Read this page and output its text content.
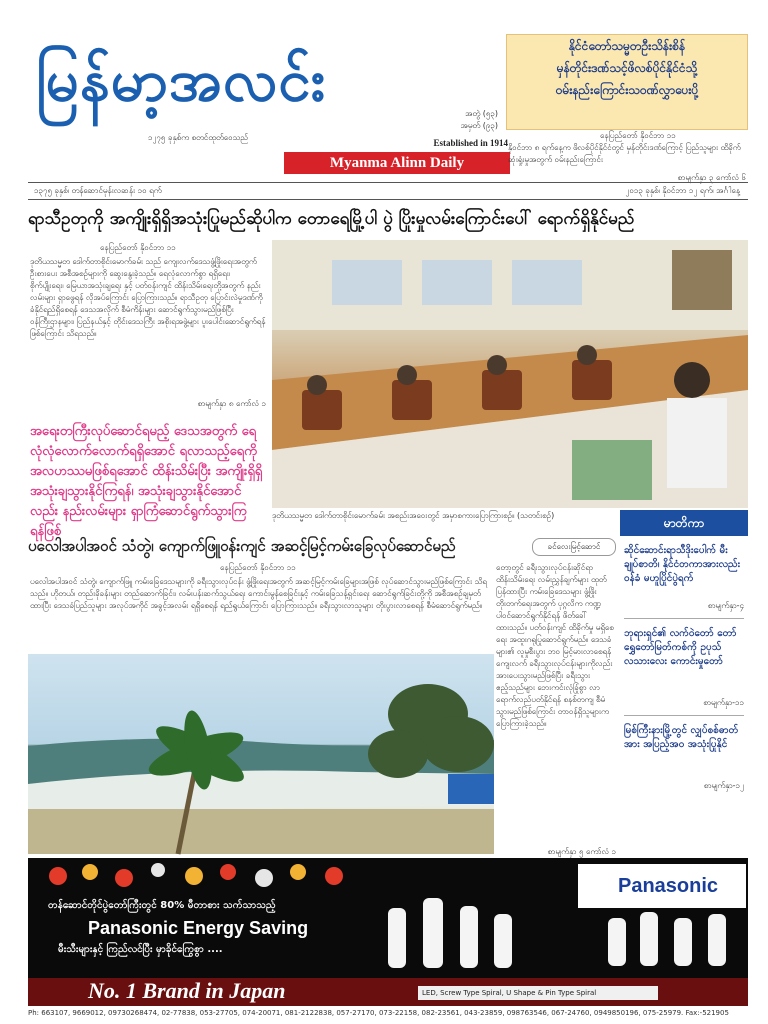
မြန်မာ့အလင်း
၁၂၇၅ ခုနှစ်က စတင်ထုတ်ဝေသည်
အတွဲ (၅၃)
အမှတ် (၉၃)
Established in 1914
Myanma Alinn Daily
နိုင်ငံတော်သမ္မတဦးသိန်းစိန်
မှန်တိုင်းဒဏ်သင့်ဖိလစ်ပိုင်နိုင်ငံသို့
ဝမ်းနည်းကြောင်းသဝဏ်လွှာပေးပို့
နေပြည်တော် နိုဝင်ဘာ ၁၁
နိုဝင်ဘာ ၈ ရက်နေ့က ဖိလစ်ပိုင်နိုင်ငံတွင် မှန်တိုင်းဒဏ်ကြောင့် ပြည်သူများ ထိခိုက်ဆုံးရှုံးမှုအတွက် ဝမ်းနည်းကြောင်း
စာမျက်နှာ ၃ ကော်လံ ၆
၁၃၇၅ ခုနှစ်၊ တန်ဆောင်မုန်းလဆန်း ၁၀ ရက်	၂၀၁၃ ခုနှစ်၊ နိုဝင်ဘာ ၁၂ ရက်၊ အင်္ဂါနေ့
ရာသီဥတုကို အကျိုးရှိရှိအသုံးပြုမည်ဆိုပါက တောရေမြို့ပါ ပွဲ ပြိုးမှုလမ်းကြောင်းပေါ် ရောက်ရှိနိုင်မည်
နေပြည်တော် နိုဝင်ဘာ ၁၁
ဒုတိယသမ္မတ ဒေါက်တာစိုင်းမောက်ခမ်း သည် ကျေးလက်ဒေသဖွံ့ဖြိုးရေးအတွက် ဦးစားပေး အစီအစဉ်များကို ဆွေးနွေးခဲ့သည်။ ရေလုံလောက်စွာ ရရှိရေး၊ စိုက်ပျိုးရေး၊ မြေယာအသုံးချရေး နှင့် ပတ်ဝန်းကျင် ထိန်းသိမ်းရေးတို့အတွက် နည်းလမ်းများ ရှာဖွေရန် လိုအပ်ကြောင်း ပြောကြားသည်။ ရာသီဥတု ပြောင်းလဲမှုဒဏ်ကို ခံနိုင်ရည်ရှိစေရန် ဒေသအလိုက် စီမံကိန်းများ ဆောင်ရွက်သွားမည်ဖြစ်ပြီး ဝန်ကြီးဌာနများ၊ ပြည်နယ်နှင့် တိုင်းဒေသကြီး အစိုးရအဖွဲ့များ ပူးပေါင်းဆောင်ရွက်ရန် ဖြစ်ကြောင်း သိရသည်။
စာမျက်နှာ ၈ ကော်လံ ၁
အရေးတကြီးလုပ်ဆောင်ရမည့် ဒေသအတွက် ရေ လုံလုံလောက်လောက်ရရှိအောင် ရလာသည့်ရေကို အလဟဿမဖြစ်ရအောင် ထိန်းသိမ်းပြီး အကျိုးရှိရှိ အသုံးချသွားနိုင်ကြရန်၊ အသုံးချသွားနိုင်အောင်လည်း နည်းလမ်းများ ရှာကြံဆောင်ရွက်သွားကြရန်ဖြစ်
ဒုတိယသမ္မတ ဒေါက်တာစိုင်းမောက်ခမ်း အစည်းအဝေးတွင် အမှာစကားပြောကြားစဉ်။ (သတင်းစဉ်)
ပလေါအပါအဝင် သံတွဲ၊ ကျောက်ဖြူဝန်းကျင် အဆင့်မြင့်ကမ်းခြေလုပ်ဆောင်မည်	ခင်လေးမြင့်ဆောင်
နေပြည်တော် နိုဝင်ဘာ ၁၁
ပလေါအပါအဝင် သံတွဲ၊ ကျောက်ဖြူ ကမ်းခြေဒေသများကို ခရီးသွားလုပ်ငန်း ဖွံ့ဖြိုးရေးအတွက် အဆင့်မြင့်ကမ်းခြေများအဖြစ် လုပ်ဆောင်သွားမည်ဖြစ်ကြောင်း သိရသည်။ ဟိုတယ်၊ တည်းခိုခန်းများ တည်ဆောက်ခြင်း၊ လမ်းပန်းဆက်သွယ်ရေး ကောင်းမွန်စေခြင်းနှင့် ကမ်းခြေသန့်ရှင်းရေး ဆောင်ရွက်ခြင်းတို့ကို အစီအစဉ်ချမှတ်ထားပြီး ဒေသခံပြည်သူများ အလုပ်အကိုင် အခွင့်အလမ်း ရရှိစေရန် ရည်ရွယ်ကြောင်း ပြောကြားသည်။ ခရီးသွားလာသူများ တိုးပွားလာစေရန် စီမံဆောင်ရွက်မည်။
တော့တွင် ခရီးသွားလုပ်ငန်းဆိုင်ရာ ထိန်းသိမ်းရေး လမ်းညွှန်ချက်များ ထုတ်ပြန်ထားပြီး ကမ်းခြေဒေသများ ဖွံ့ဖြိုးတိုးတက်ရေးအတွက် ပုဂ္ဂလိက ကဏ္ဍ ပါဝင်ဆောင်ရွက်နိုင်ရန် ဖိတ်ခေါ်ထားသည်။ ပတ်ဝန်းကျင် ထိခိုက်မှု မရှိစေရေး အထူးဂရုပြုဆောင်ရွက်မည်။ ဒေသခံများ၏ လူမှုစီးပွား ဘဝ မြင့်မားလာစေရန် ကျေးလက် ခရီးသွားလုပ်ငန်းများကိုလည်း အားပေးသွားမည်ဖြစ်ပြီး ခရီးသွားဧည့်သည်များ ဘေးကင်းလုံခြုံစွာ လာရောက်လည်ပတ်နိုင်ရန် စနစ်တကျ စီမံသွားမည်ဖြစ်ကြောင်း တာဝန်ရှိသူများက ပြောကြားခဲ့သည်။
စာမျက်နှာ ၅ ကော်လံ ၁
မာတိကာ
ဆိုင်ဆောင်းရာသီဒိုးပေါက် မီးချုပ်စာတိ၊ နိုင်ငံတကာအားလည်း ဝန်ခံ မဟူပြိုင်ပွဲရက်
စာမျက်နှာ-၄
ဘုရားရှင်၏ လက်ဝဲတော် တော်ရွှေတော်မြတ်ကစ်ကို ဥပုသ်လသားလေး ကောင်းမှုတော်
စာမျက်နှာ-၁၁
မြစ်ကြီးနားမြို့တွင် လျှပ်စစ်ဓာတ်အား အပြည့်အဝ အသုံးပြုနိုင်
စာမျက်နှာ-၁၂
Panasonic
တန်ဆောင်တိုင်ပွဲတော်ကြီးတွင် 80% မီတာစား သက်သာသည့်
Panasonic Energy Saving
မီးသီးများနှင့် ကြည်လင်ပြီး မှာခိုင်ကြွေစွာ ....
No. 1 Brand in Japan	LED, Screw Type Spiral, U Shape & Pin Type Spiral
Ph: 663107, 9669012, 09730268474, 02-77838, 053-27705, 074-20071, 081-2122838, 057-27170, 073-22158, 082-23561, 043-23859, 098763546, 067-24760, 0949850196, 075-25979. Fax:-521905
